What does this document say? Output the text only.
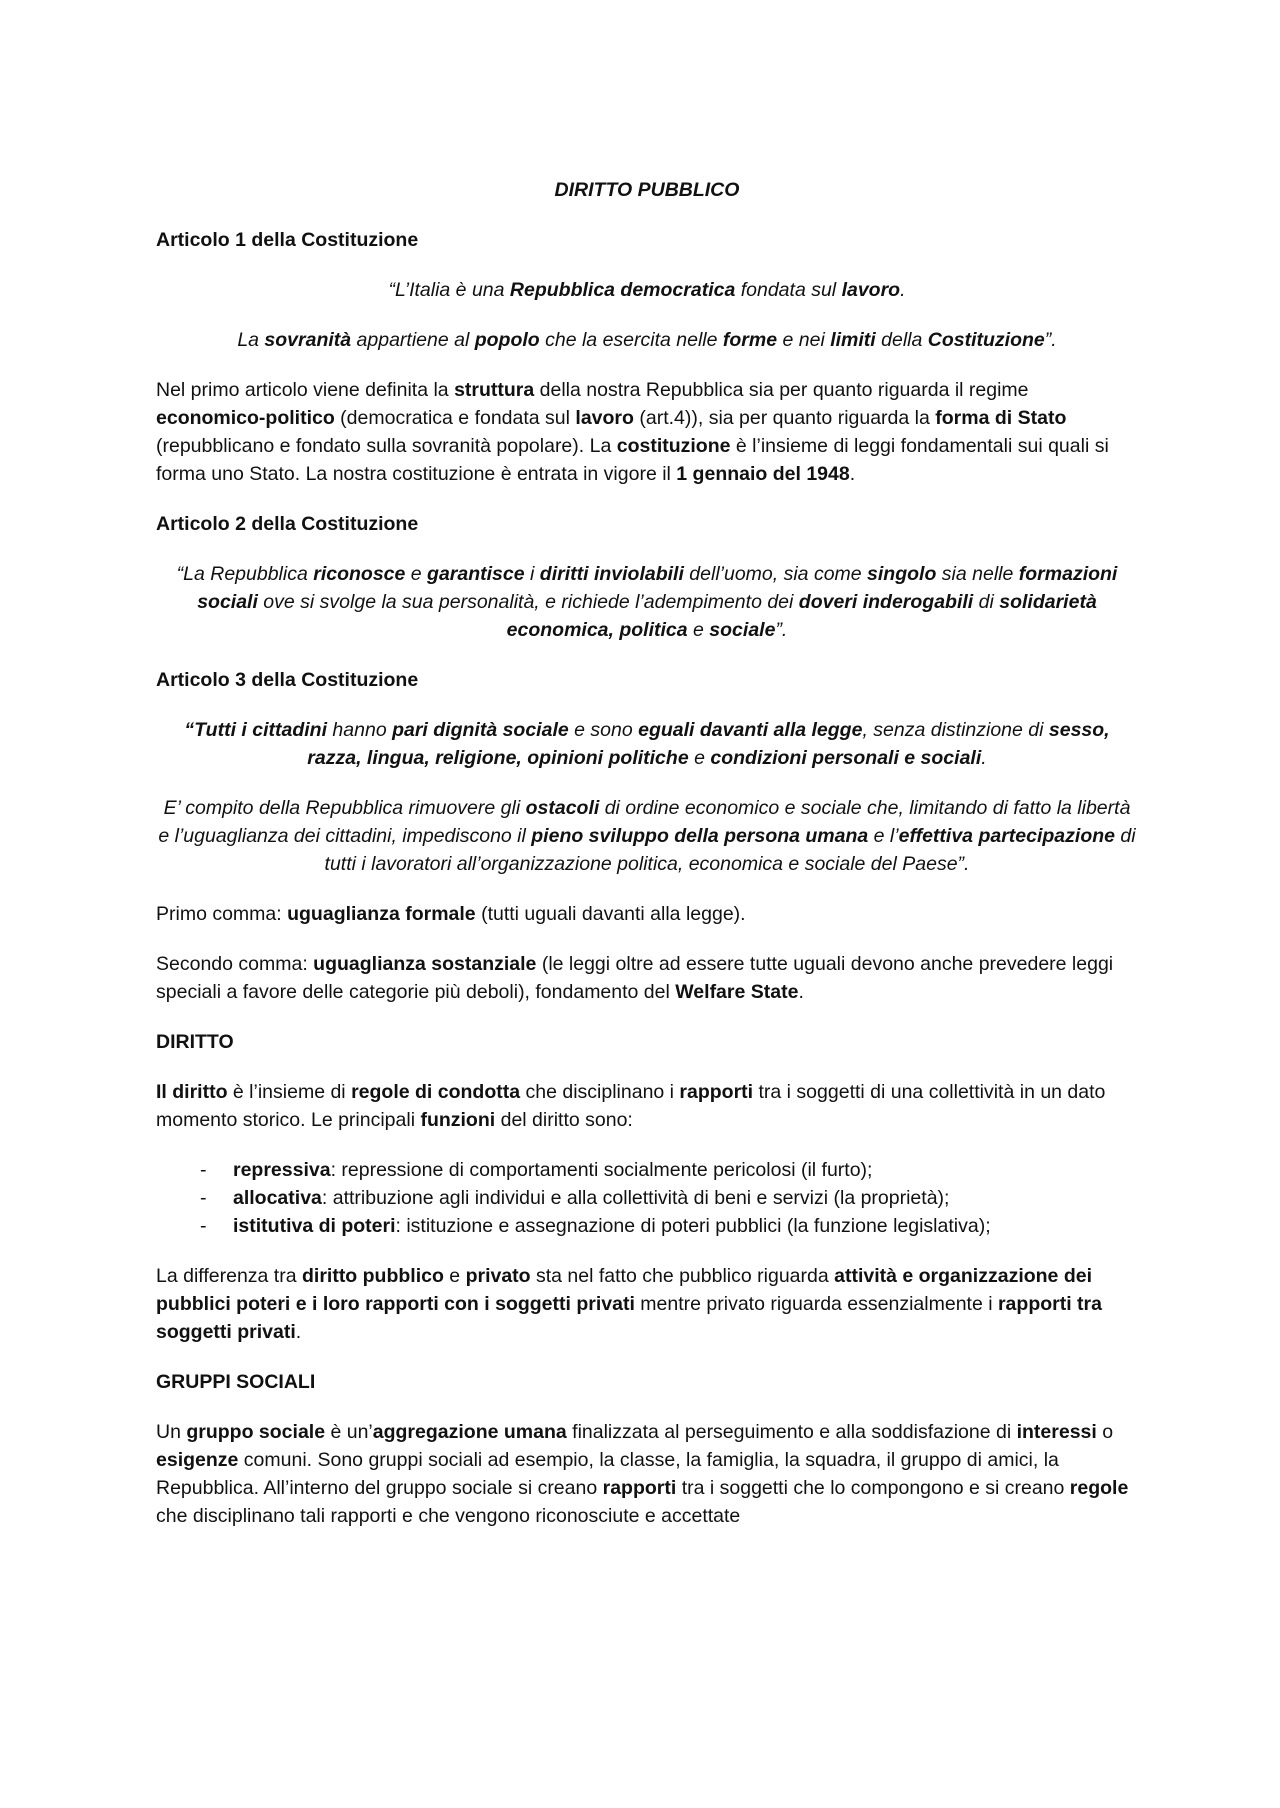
DIRITTO PUBBLICO
Articolo 1 della Costituzione

“L’Italia è una Repubblica democratica fondata sul lavoro.

La sovranità appartiene al popolo che la esercita nelle forme e nei limiti della Costituzione”.

Nel primo articolo viene definita la struttura della nostra Repubblica sia per quanto riguarda il regime economico-politico (democratica e fondata sul lavoro (art.4)), sia per quanto riguarda la forma di Stato (repubblicano e fondato sulla sovranità popolare). La costituzione è l’insieme di leggi fondamentali sui quali si forma uno Stato. La nostra costituzione è entrata in vigore il 1 gennaio del 1948.

Articolo 2 della Costituzione

“La Repubblica riconosce e garantisce i diritti inviolabili dell’uomo, sia come singolo sia nelle formazioni sociali ove si svolge la sua personalità, e richiede l’adempimento dei doveri inderogabili di solidarietà economica, politica e sociale”.

Articolo 3 della Costituzione

“Tutti i cittadini hanno pari dignità sociale e sono eguali davanti alla legge, senza distinzione di sesso, razza, lingua, religione, opinioni politiche e condizioni personali e sociali.

E’ compito della Repubblica rimuovere gli ostacoli di ordine economico e sociale che, limitando di fatto la libertà e l’uguaglianza dei cittadini, impediscono il pieno sviluppo della persona umana e l’effettiva partecipazione di tutti i lavoratori all’organizzazione politica, economica e sociale del Paese”.

Primo comma: uguaglianza formale (tutti uguali davanti alla legge).

Secondo comma: uguaglianza sostanziale (le leggi oltre ad essere tutte uguali devono anche prevedere leggi speciali a favore delle categorie più deboli), fondamento del Welfare State.

DIRITTO

Il diritto è l’insieme di regole di condotta che disciplinano i rapporti tra i soggetti di una collettività in un dato momento storico. Le principali funzioni del diritto sono:

- repressiva: repressione di comportamenti socialmente pericolosi (il furto);
- allocativa: attribuzione agli individui e alla collettività di beni e servizi (la proprietà);
- istitutiva di poteri: istituzione e assegnazione di poteri pubblici (la funzione legislativa);

La differenza tra diritto pubblico e privato sta nel fatto che pubblico riguarda attività e organizzazione dei pubblici poteri e i loro rapporti con i soggetti privati mentre privato riguarda essenzialmente i rapporti tra soggetti privati.

GRUPPI SOCIALI

Un gruppo sociale è un’aggregazione umana finalizzata al perseguimento e alla soddisfazione di interessi o esigenze comuni. Sono gruppi sociali ad esempio, la classe, la famiglia, la squadra, il gruppo di amici, la Repubblica. All’interno del gruppo sociale si creano rapporti tra i soggetti che lo compongono e si creano regole che disciplinano tali rapporti e che vengono riconosciute e accettate
